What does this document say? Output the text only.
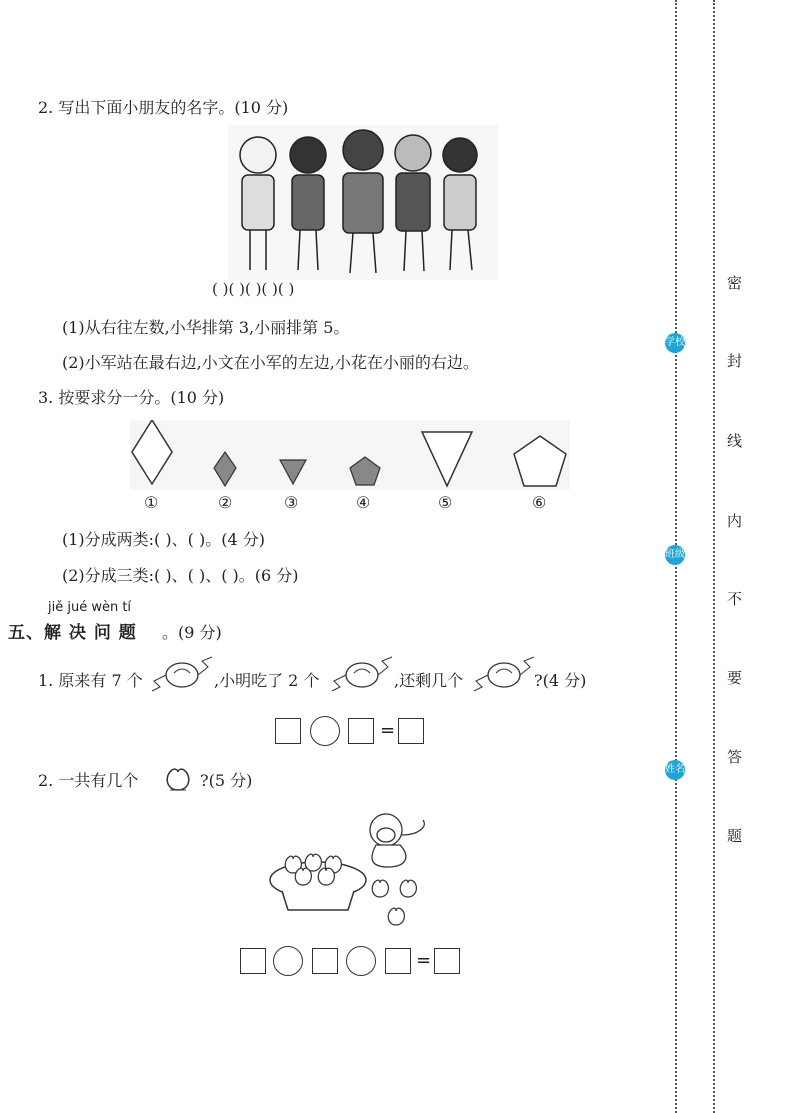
2. 写出下面小朋友的名字。(10 分)
( )( )( )( )( )
(1)从右往左数,小华排第 3,小丽排第 5。
(2)小军站在最右边,小文在小军的左边,小花在小丽的右边。
3. 按要求分一分。(10 分)
①	②	③	④	⑤	⑥
(1)分成两类:( )、( )。(4 分)
(2)分成三类:( )、( )、( )。(6 分)
jiě jué wèn tí
五、解 决 问 题 。(9 分)
1. 原来有 7 个	,小明吃了 2 个	,还剩几个	?(4 分)
=
2. 一共有几个	?(5 分)
=
学校
班级
姓名
密
封
线
内
不
要
答
题
